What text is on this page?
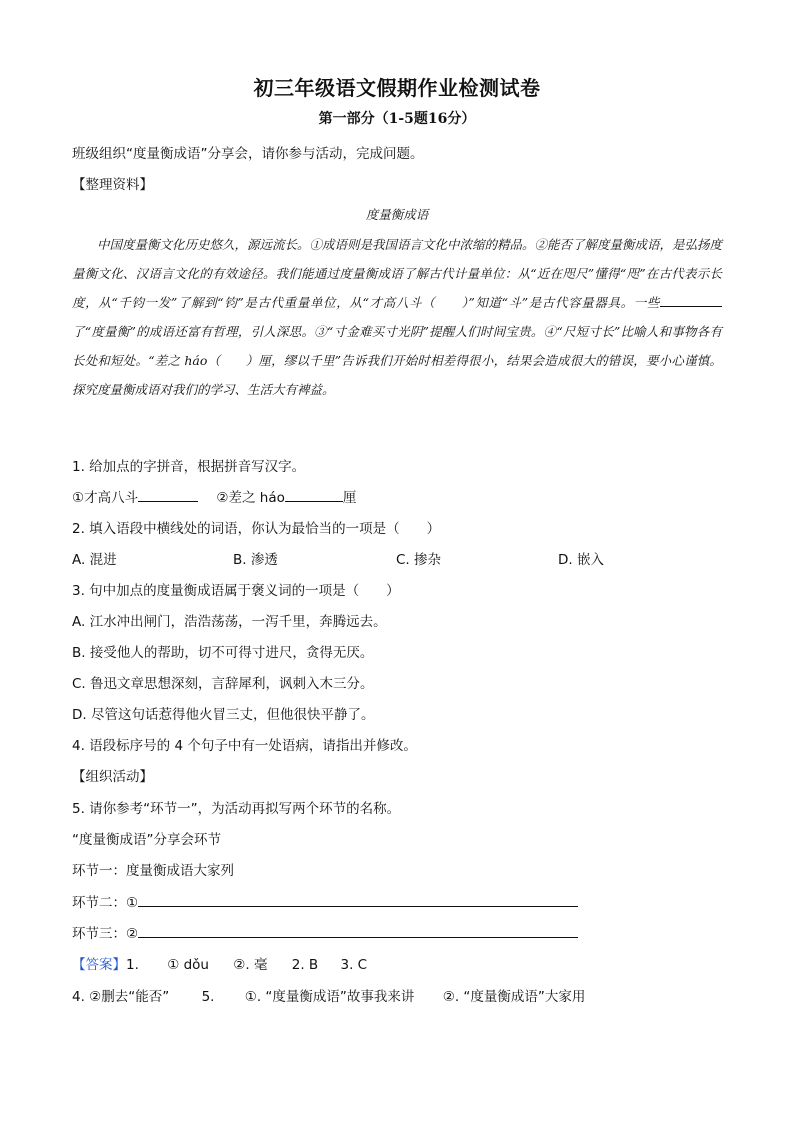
初三年级语文假期作业检测试卷
第一部分（1-5题16分）
班级组织“度量衡成语”分享会，请你参与活动，完成问题。
【整理资料】
度量衡成语

中国度量衡文化历史悠久，源远流长。①成语则是我国语言文化中浓缩的精品。②能否了解度量衡成语，是弘扬度量衡文化、汉语言文化的有效途径。我们能通过度量衡成语了解古代计量单位：从“近在咫尺”懂得“咫”在古代表示长度，从“千钧一发”了解到“钧”是古代重量单位，从“才高八斗（　　）”知道“斗”是古代容量器具。一些了“度量衡”的成语还富有哲理，引人深思。③“寸金难买寸光阴”提醒人们时间宝贵。④“尺短寸长”比喻人和事物各有长处和短处。“差之 háo（　　）厘，缪以千里”告诉我们开始时相差得很小，结果会造成很大的错误，要小心谨慎。探究度量衡成语对我们的学习、生活大有裨益。

1. 给加点的字拼音，根据拼音写汉字。
①才高八斗	②差之 háo	厘
2. 填入语段中横线处的词语，你认为最恰当的一项是（　　）
A. 混进	B. 渗透	C. 掺杂	D. 嵌入
3. 句中加点的度量衡成语属于褒义词的一项是（　　）
A. 江水冲出闸门，浩浩荡荡，一泻千里，奔腾远去。
B. 接受他人的帮助，切不可得寸进尺，贪得无厌。
C. 鲁迅文章思想深刻，言辞犀利，讽刺入木三分。
D. 尽管这句话惹得他火冒三丈，但他很快平静了。
4. 语段标序号的 4 个句子中有一处语病，请指出并修改。
【组织活动】
5. 请你参考“环节一”，为活动再拟写两个环节的名称。
“度量衡成语”分享会环节
环节一：度量衡成语大家列
环节二：①
环节三：②
【答案】1. ① dǒu ②. 毫 2. B 3. C
4. ②删去“能否” 5. ①. “度量衡成语”故事我来讲 ②. “度量衡成语”大家用
